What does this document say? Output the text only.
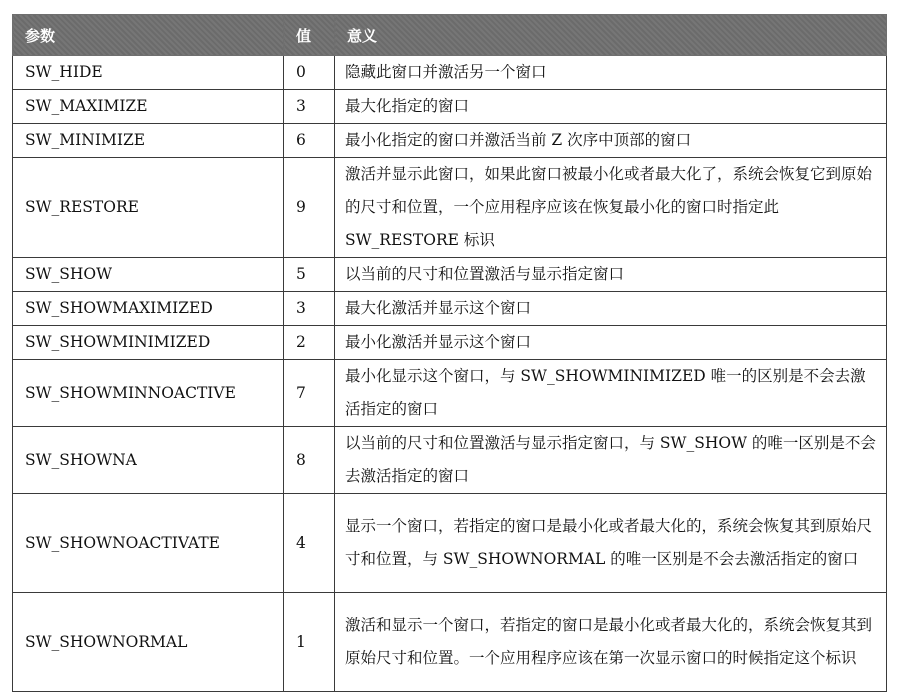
参数	值	意义
SW_HIDE	0	隐藏此窗口并激活另一个窗口
SW_MAXIMIZE	3	最大化指定的窗口
SW_MINIMIZE	6	最小化指定的窗口并激活当前 Z 次序中顶部的窗口
SW_RESTORE	9	激活并显示此窗口，如果此窗口被最小化或者最大化了，系统会恢复它到原始的尺寸和位置，一个应用程序应该在恢复最小化的窗口时指定此 SW_RESTORE 标识
SW_SHOW	5	以当前的尺寸和位置激活与显示指定窗口
SW_SHOWMAXIMIZED	3	最大化激活并显示这个窗口
SW_SHOWMINIMIZED	2	最小化激活并显示这个窗口
SW_SHOWMINNOACTIVE	7	最小化显示这个窗口，与 SW_SHOWMINIMIZED 唯一的区别是不会去激活指定的窗口
SW_SHOWNA	8	以当前的尺寸和位置激活与显示指定窗口，与 SW_SHOW 的唯一区别是不会去激活指定的窗口
SW_SHOWNOACTIVATE	4	显示一个窗口，若指定的窗口是最小化或者最大化的，系统会恢复其到原始尺寸和位置，与 SW_SHOWNORMAL 的唯一区别是不会去激活指定的窗口
SW_SHOWNORMAL	1	激活和显示一个窗口，若指定的窗口是最小化或者最大化的，系统会恢复其到原始尺寸和位置。一个应用程序应该在第一次显示窗口的时候指定这个标识
